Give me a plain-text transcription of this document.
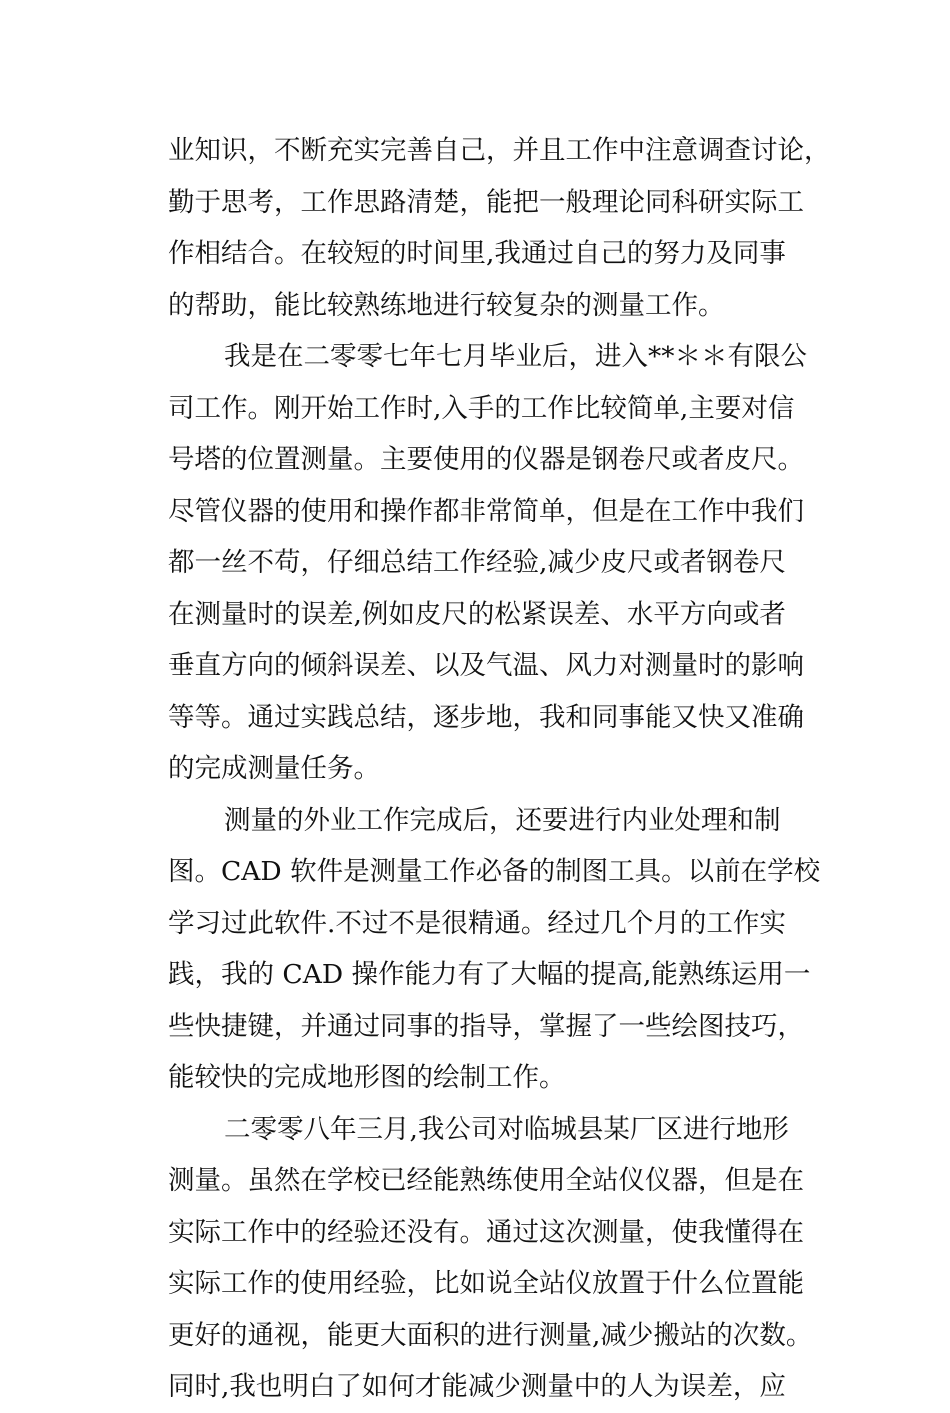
业知识，不断充实完善自己，并且工作中注意调查讨论，
勤于思考，工作思路清楚，能把一般理论同科研实际工
作相结合。在较短的时间里,我通过自己的努力及同事
的帮助，能比较熟练地进行较复杂的测量工作。
我是在二零零七年七月毕业后，进入**＊＊有限公
司工作。刚开始工作时,入手的工作比较简单,主要对信
号塔的位置测量。主要使用的仪器是钢卷尺或者皮尺。
尽管仪器的使用和操作都非常简单，但是在工作中我们
都一丝不苟，仔细总结工作经验,减少皮尺或者钢卷尺
在测量时的误差,例如皮尺的松紧误差、水平方向或者
垂直方向的倾斜误差、以及气温、风力对测量时的影响
等等。通过实践总结，逐步地，我和同事能又快又准确
的完成测量任务。
测量的外业工作完成后，还要进行内业处理和制
图。CAD 软件是测量工作必备的制图工具。以前在学校
学习过此软件.不过不是很精通。经过几个月的工作实
践，我的 CAD 操作能力有了大幅的提高,能熟练运用一
些快捷键，并通过同事的指导，掌握了一些绘图技巧，
能较快的完成地形图的绘制工作。
二零零八年三月,我公司对临城县某厂区进行地形
测量。虽然在学校已经能熟练使用全站仪仪器，但是在
实际工作中的经验还没有。通过这次测量，使我懂得在
实际工作的使用经验，比如说全站仪放置于什么位置能
更好的通视，能更大面积的进行测量,减少搬站的次数。
同时,我也明白了如何才能减少测量中的人为误差，应
